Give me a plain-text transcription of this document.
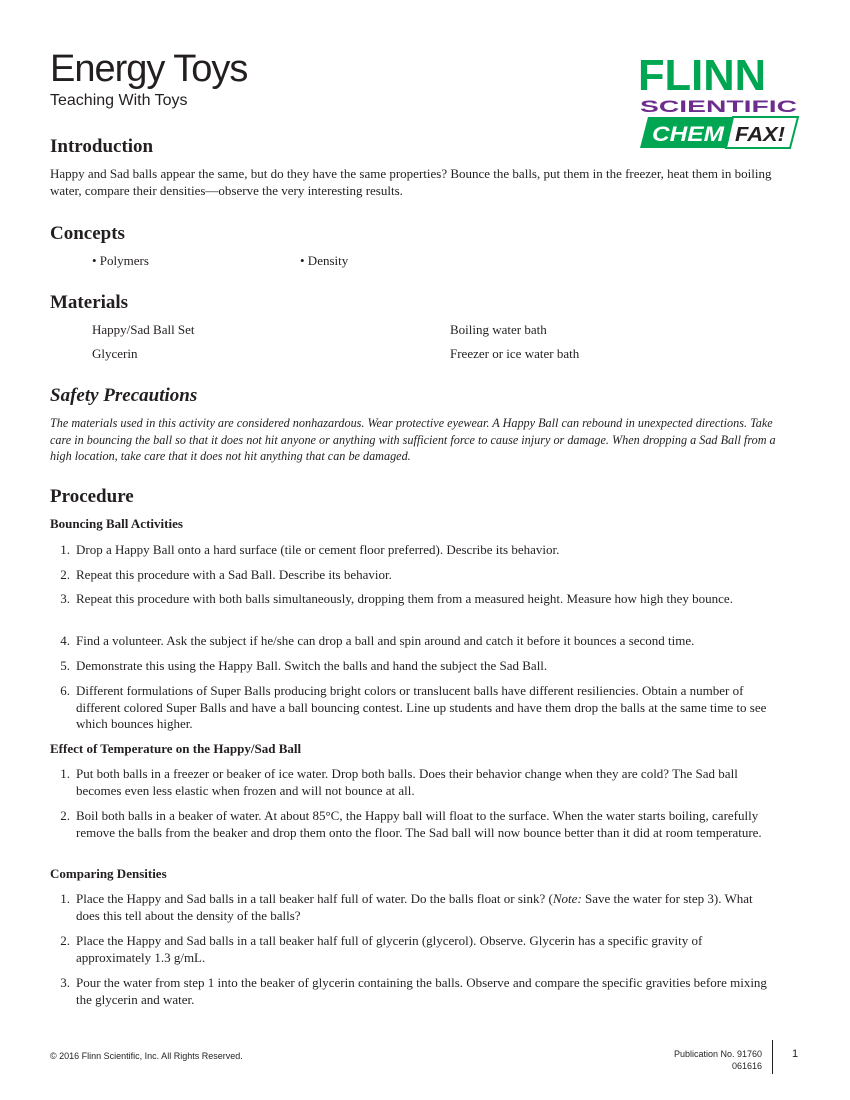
Energy Toys
Teaching With Toys
FLINN
SCIENTIFIC
CHEM FAX!
Introduction

Happy and Sad balls appear the same, but do they have the same properties? Bounce the balls, put them in the freezer, heat them in boiling water, compare their densities—observe the very interesting results.

Concepts
• Polymers	• Density
Materials
Happy/Sad Ball Set	Boiling water bath
Glycerin	Freezer or ice water bath
Safety Precautions

The materials used in this activity are considered nonhazardous. Wear protective eyewear. A Happy Ball can rebound in unexpected directions. Take care in bouncing the ball so that it does not hit anyone or anything with sufficient force to cause injury or damage. When dropping a Sad Ball from a high location, take care that it does not hit anything that can be damaged.

Procedure
Bouncing Ball Activities
1. Drop a Happy Ball onto a hard surface (tile or cement floor preferred). Describe its behavior.
2. Repeat this procedure with a Sad Ball. Describe its behavior.
3. Repeat this procedure with both balls simultaneously, dropping them from a measured height. Measure how high they bounce.
4. Find a volunteer. Ask the subject if he/she can drop a ball and spin around and catch it before it bounces a second time.
5. Demonstrate this using the Happy Ball. Switch the balls and hand the subject the Sad Ball.
6. Different formulations of Super Balls producing bright colors or translucent balls have different resiliencies. Obtain a number of different colored Super Balls and have a ball bouncing contest. Line up students and have them drop the balls at the same time to see which bounces higher.
Effect of Temperature on the Happy/Sad Ball
1. Put both balls in a freezer or beaker of ice water. Drop both balls. Does their behavior change when they are cold? The Sad ball becomes even less elastic when frozen and will not bounce at all.
2. Boil both balls in a beaker of water. At about 85°C, the Happy ball will float to the surface. When the water starts boiling, carefully remove the balls from the beaker and drop them onto the floor. The Sad ball will now bounce better than it did at room temperature.
Comparing Densities
1. Place the Happy and Sad balls in a tall beaker half full of water. Do the balls float or sink? (Note: Save the water for step 3). What does this tell about the density of the balls?
2. Place the Happy and Sad balls in a tall beaker half full of glycerin (glycerol). Observe. Glycerin has a specific gravity of approximately 1.3 g/mL.
3. Pour the water from step 1 into the beaker of glycerin containing the balls. Observe and compare the specific gravities before mixing the glycerin and water.
© 2016 Flinn Scientific, Inc. All Rights Reserved.	Publication No. 91760
061616
1
